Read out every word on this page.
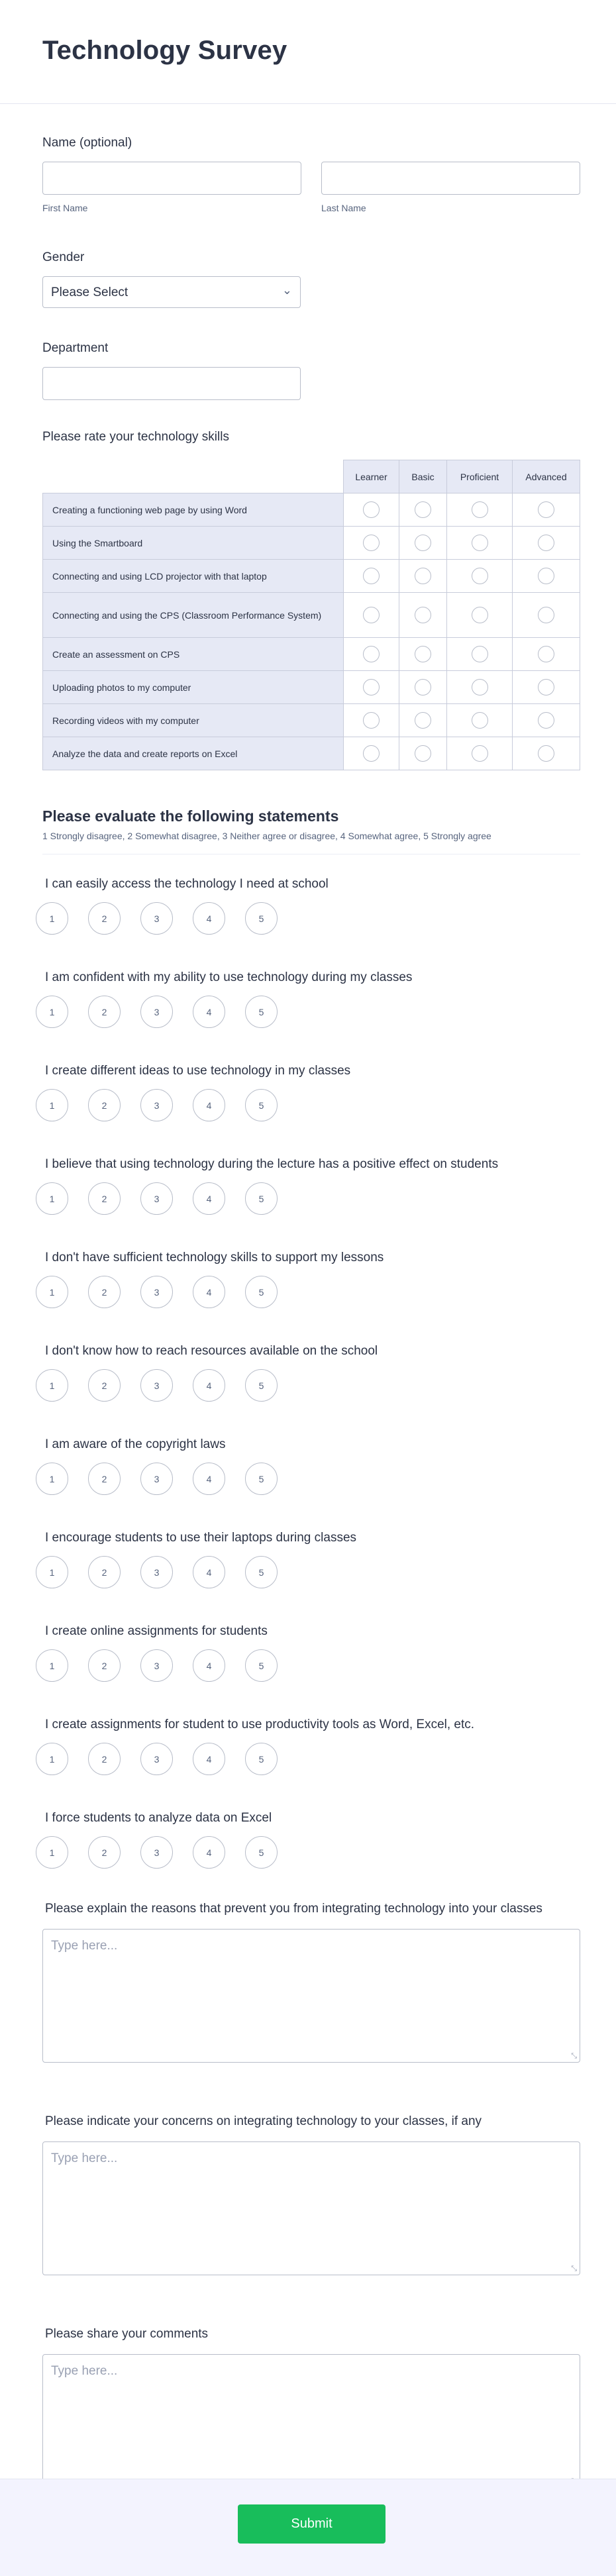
Technology Survey
Name (optional)
First Name	Last Name
Gender
Please Select	⌄
Department
Please rate your technology skills
	Learner	Basic	Proficient	Advanced
Creating a functioning web page by using Word				
Using the Smartboard				
Connecting and using LCD projector with that laptop				
Connecting and using the CPS (Classroom Performance System)				
Create an assessment on CPS				
Uploading photos to my computer				
Recording videos with my computer				
Analyze the data and create reports on Excel				
Please evaluate the following statements
1 Strongly disagree, 2 Somewhat disagree, 3 Neither agree or disagree, 4 Somewhat agree, 5 Strongly agree
I can easily access the technology I need at school
1	2	3	4	5
I am confident with my ability to use technology during my classes
1	2	3	4	5
I create different ideas to use technology in my classes
1	2	3	4	5
I believe that using technology during the lecture has a positive effect on students
1	2	3	4	5
I don't have sufficient technology skills to support my lessons
1	2	3	4	5
I don't know how to reach resources available on the school
1	2	3	4	5
I am aware of the copyright laws
1	2	3	4	5
I encourage students to use their laptops during classes
1	2	3	4	5
I create online assignments for students
1	2	3	4	5
I create assignments for student to use productivity tools as Word, Excel, etc.
1	2	3	4	5
I force students to analyze data on Excel
1	2	3	4	5
Please explain the reasons that prevent you from integrating technology into your classes
Type here...
⤡
Please indicate your concerns on integrating technology to your classes, if any
Type here...
⤡
Please share your comments
Type here...
Submit
